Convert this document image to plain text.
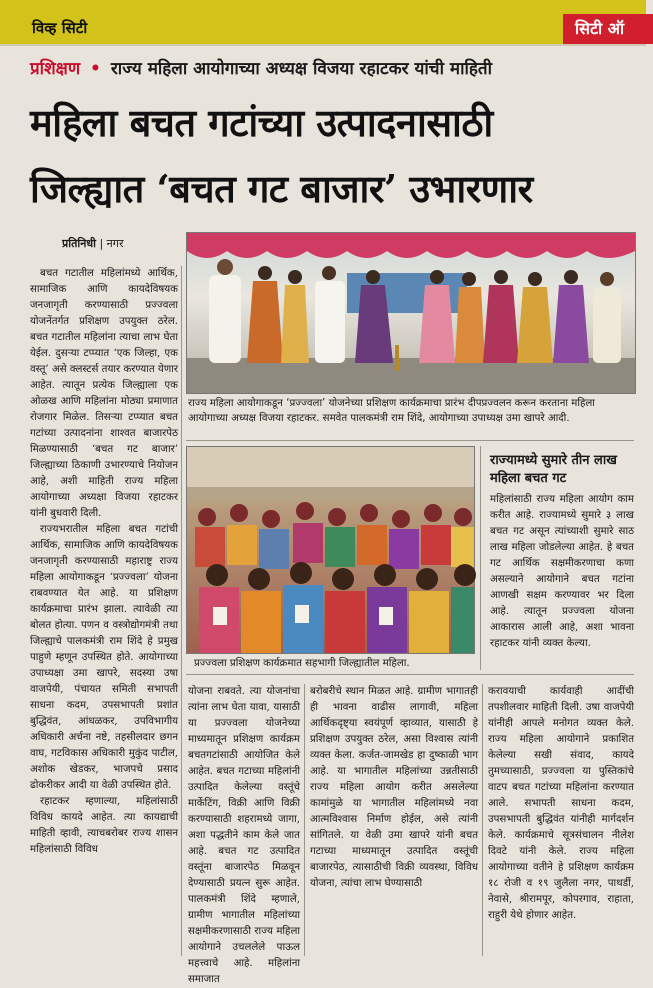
विव्ह सिटी	सिटी ऑ
प्रशिक्षण • राज्य महिला आयोगाच्या अध्यक्ष विजया रहाटकर यांची माहिती
महिला बचत गटांच्या उत्पादनासाठी
जिल्ह्यात ‘बचत गट बाजार’ उभारणार
प्रतिनिधी | नगर

बचत गटातील महिलांमध्ये आर्थिक, सामाजिक आणि कायदेविषयक जनजागृती करण्यासाठी प्रज्ज्वला योजनेंतर्गत प्रशिक्षण उपयुक्त ठरेल. बचत गटातील महिलांना त्याचा लाभ घेता येईल. दुसऱ्या टप्प्यात ‘एक जिल्हा, एक वस्तू’ असे क्लस्टर्स तयार करण्यात येणार आहेत. त्यातून प्रत्येक जिल्ह्याला एक ओळख आणि महिलांना मोठ्या प्रमाणात रोजगार मिळेल. तिसऱ्या टप्प्यात बचत गटांच्या उत्पादनांना शाश्वत बाजारपेठ मिळण्यासाठी ‘बचत गट बाजार’ जिल्ह्याच्या ठिकाणी उभारण्याचे नियोजन आहे, अशी माहिती राज्य महिला आयोगाच्या अध्यक्षा विजया रहाटकर यांनी बुधवारी दिली.

राज्यभरातील महिला बचत गटांची आर्थिक, सामाजिक आणि कायदेविषयक जनजागृती करण्यासाठी महाराष्ट्र राज्य महिला आयोगाकडून ‘प्रज्ज्वला’ योजना राबवण्यात येत आहे. या प्रशिक्षण कार्यक्रमाचा प्रारंभ झाला. त्यावेळी त्या बोलत होत्या. पणन व वस्त्रोद्योगमंत्री तथा जिल्ह्याचे पालकमंत्री राम शिंदे हे प्रमुख पाहुणे म्हणून उपस्थित होते. आयोगाच्या उपाध्यक्षा उमा खापरे, सदस्या उषा वाजपेयी, पंचायत समिती सभापती साधना कदम, उपसभापती प्रशांत बुद्धिवंत, आंधळकर, उपविभागीय अधिकारी अर्चना नष्टे, तहसीलदार छगन वाघ, गटविकास अधिकारी मुकुंद पाटील, अशोक खेडकर, भाजपचे प्रसाद ढोकरीकर आदी या वेळी उपस्थित होते.

रहाटकर म्हणाल्या, महिलांसाठी विविध कायदे आहेत. त्या कायद्याची माहिती व्हावी, त्याचबरोबर राज्य शासन महिलांसाठी विविध

राज्य महिला आयोगाकडून ‘प्रज्ज्वला’ योजनेच्या प्रशिक्षण कार्यक्रमाचा प्रारंभ दीपप्रज्वलन करून करताना महिला आयोगाच्या अध्यक्ष विजया रहाटकर. समवेत पालकमंत्री राम शिंदे, आयोगाच्या उपाध्यक्ष उमा खापरे आदी.
प्रज्ज्वला प्रशिक्षण कार्यक्रमात सहभागी जिल्ह्यातील महिला.
राज्यामध्ये सुमारे तीन लाख महिला बचत गट

महिलांसाठी राज्य महिला आयोग काम करीत आहे. राज्यामध्ये सुमारे ३ लाख बचत गट असून त्यांच्याशी सुमारे साठ लाख महिला जोडलेल्या आहेत. हे बचत गट आर्थिक सक्षमीकरणाचा कणा असल्याने आयोगाने बचत गटांना आणखी सक्षम करण्यावर भर दिला आहे. त्यातून प्रज्ज्वला योजना आकारास आली आहे, अशा भावना रहाटकर यांनी व्यक्त केल्या.

योजना राबवते. त्या योजनांचा त्यांना लाभ घेता यावा, यासाठी या प्रज्ज्वला योजनेच्या माध्यमातून प्रशिक्षण कार्यक्रम बचतगटांसाठी आयोजित केले आहेत. बचत गटाच्या महिलांनी उत्पादित केलेल्या वस्तूंचे मार्केटिंग, विक्री आणि विक्री करण्यासाठी शहरामध्ये जागा, अशा पद्धतीने काम केले जात आहे. बचत गट उत्पादित वस्तूंना बाजारपेठ मिळवून देण्यासाठी प्रयत्न सुरू आहेत. पालकमंत्री शिंदे म्हणाले, ग्रामीण भागातील महिलांच्या सक्षमीकरणासाठी राज्य महिला आयोगाने उचललेले पाऊल महत्त्वाचे आहे. महिलांना समाजात

बरोबरीचे स्थान मिळत आहे. ग्रामीण भागातही ही भावना वाढीस लागावी, महिला आर्थिकदृष्ट्या स्वयंपूर्ण व्हाव्यात, यासाठी हे प्रशिक्षण उपयुक्त ठरेल, असा विश्वास त्यांनी व्यक्त केला. कर्जत-जामखेड हा दुष्काळी भाग आहे. या भागातील महिलांच्या उन्नतीसाठी राज्य महिला आयोग करीत असलेल्या कामांमुळे या भागातील महिलांमध्ये नवा आत्मविश्वास निर्माण होईल, असे त्यांनी सांगितले. या वेळी उमा खापरे यांनी बचत गटाच्या माध्यमातून उत्पादित वस्तूंची बाजारपेठ, त्यासाठीची विक्री व्यवस्था, विविध योजना, त्यांचा लाभ घेण्यासाठी

करावयाची कार्यवाही आदींची तपशीलवार माहिती दिली. उषा वाजपेयी यांनीही आपले मनोगत व्यक्त केले. राज्य महिला आयोगाने प्रकाशित केलेल्या सखी संवाद, कायदे तुमच्यासाठी, प्रज्ज्वला या पुस्तिकांचे वाटप बचत गटांच्या महिलांना करण्यात आले. सभापती साधना कदम, उपसभापती बुद्धिवंत यांनीही मार्गदर्शन केले. कार्यक्रमाचे सूत्रसंचालन नीलेश दिवटे यांनी केले. राज्य महिला आयोगाच्या वतीने हे प्रशिक्षण कार्यक्रम १८ रोजी व १९ जुलैला नगर, पाथर्डी, नेवासे, श्रीरामपूर, कोपरगाव, राहाता, राहुरी येथे होणार आहेत.
